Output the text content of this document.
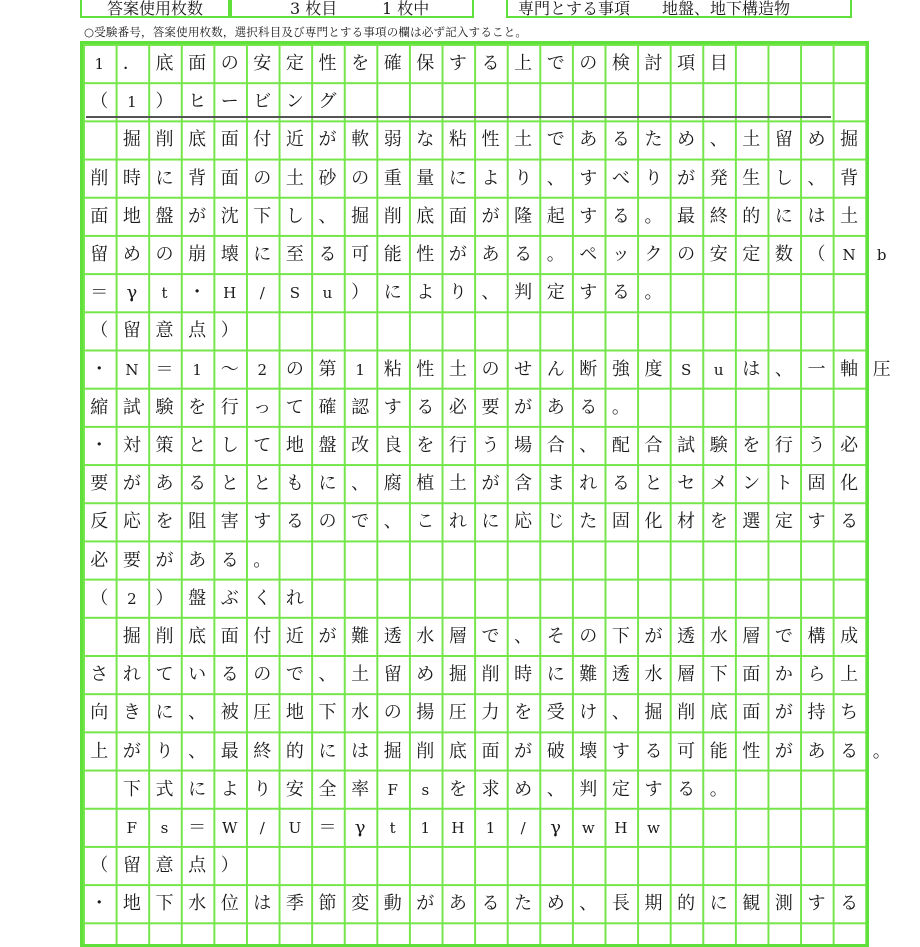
答案使用枚数	3 枚目	1 枚中	専門とする事項　　地盤、地下構造物
○受験番号，答案使用枚数，選択科目及び専門とする事項の欄は必ず記入すること。
1	． 底 面 の 安 定 性 を 確 保 す る 上 で の 検 討 項 目
（	1	） ヒ ー ビ ン グ
掘 削 底 面 付 近 が 軟 弱 な 粘 性 土 で あ る た め 、 土 留 め 掘
削 時 に 背 面 の 土 砂 の 重 量 に よ り 、 す べ り が 発 生 し 、 背
面 地 盤 が 沈 下 し 、 掘 削 底 面 が 隆 起 す る 。 最 終 的 に は 土
留 め の 崩 壊 に 至 る 可 能 性 が あ る 。 ペ ッ ク の 安 定 数 （	N	b
＝	γ	t	・	H	/	S	u	） に よ り 、 判 定 す る 。
（ 留 意 点 ）
・	N ＝	1	～	2	の 第	1	粘 性 土 の せ ん 断 強 度	S	u	は 、 一 軸 圧
縮 試 験 を 行 っ て 確 認 す る 必 要 が あ る 。
・ 対 策 と し て 地 盤 改 良 を 行 う 場 合 、 配 合 試 験 を 行 う 必
要 が あ る と と も に 、 腐 植 土 が 含 ま れ る と セ メ ン ト 固 化
反 応 を 阻 害 す る の で 、 こ れ に 応 じ た 固 化 材 を 選 定 す る
必 要 が あ る 。
（	2	） 盤 ぶ く れ
掘 削 底 面 付 近 が 難 透 水 層 で 、 そ の 下 が 透 水 層 で 構 成
さ れ て い る の で 、 土 留 め 掘 削 時 に 難 透 水 層 下 面 か ら 上
向 き に 、 被 圧 地 下 水 の 揚 圧 力 を 受 け 、 掘 削 底 面 が 持 ち
上 が り 、 最 終 的 に は 掘 削 底 面 が 破 壊 す る 可 能 性 が あ る 。
下 式 に よ り 安 全 率	F	s	を 求 め 、 判 定 す る 。
F	s	＝	W	/	U ＝	γ	t	1	H	1	/	γ	w	H	w
（ 留 意 点 ）
・ 地 下 水 位 は 季 節 変 動 が あ る た め 、 長 期 的 に 観 測 す る
